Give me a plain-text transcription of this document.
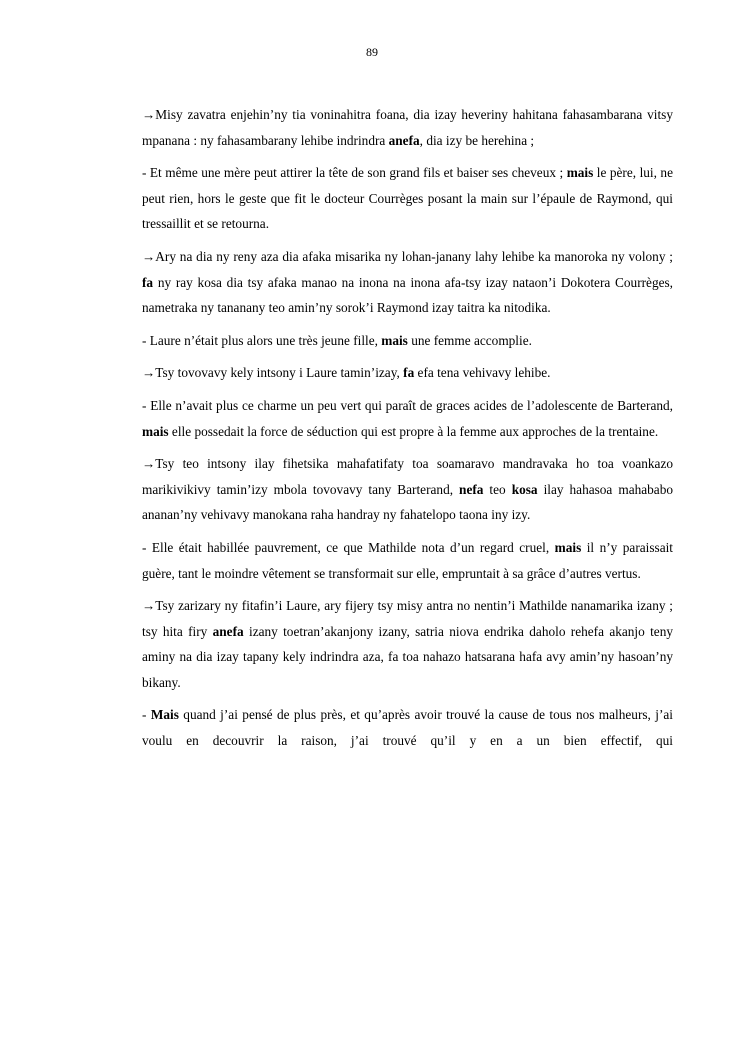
89

→Misy zavatra enjehin’ny tia voninahitra foana, dia izay heveriny hahitana fahasambarana vitsy mpanana : ny fahasambarany lehibe indrindra anefa, dia izy be herehina ;

- Et même une mère peut attirer la tête de son grand fils et baiser ses cheveux ; mais le père, lui, ne peut rien, hors le geste que fit le docteur Courrèges posant la main sur l’épaule de Raymond, qui tressaillit et se retourna.

→Ary na dia ny reny aza dia afaka misarika ny lohan-janany lahy lehibe ka manoroka ny volony ; fa ny ray kosa dia tsy afaka manao na inona na inona afa-tsy izay nataon’i Dokotera Courrèges, nametraka ny tananany teo amin’ny sorok’i Raymond izay taitra ka nitodika.

- Laure n’était plus alors une très jeune fille, mais une femme accomplie.

→Tsy tovovavy kely intsony i Laure tamin’izay, fa efa tena vehivavy lehibe.

- Elle n’avait plus ce charme un peu vert qui paraît de graces acides de l’adolescente de Barterand, mais elle possedait la force de séduction qui est propre à la femme aux approches de la trentaine.

→Tsy teo intsony ilay fihetsika mahafatifaty toa soamaravo mandravaka ho toa voankazo marikivikivy tamin’izy mbola tovovavy tany Barterand, nefa teo kosa ilay hahasoa mahababo ananan’ny vehivavy manokana raha handray ny fahatelopo taona iny izy.

- Elle était habillée pauvrement, ce que Mathilde nota d’un regard cruel, mais il n’y paraissait guère, tant le moindre vêtement se transformait sur elle, empruntait à sa grâce d’autres vertus.

→Tsy zarizary ny fitafin’i Laure, ary fijery tsy misy antra no nentin’i Mathilde nanamarika izany ; tsy hita firy anefa izany toetran’akanjony izany, satria niova endrika daholo rehefa akanjo teny aminy na dia izay tapany kely indrindra aza, fa toa nahazo hatsarana hafa avy amin’ny hasoan’ny bikany.

- Mais quand j’ai pensé de plus près, et qu’après avoir trouvé la cause de tous nos malheurs, j’ai voulu en decouvrir la raison, j’ai trouvé qu’il y en a un bien effectif, qui
